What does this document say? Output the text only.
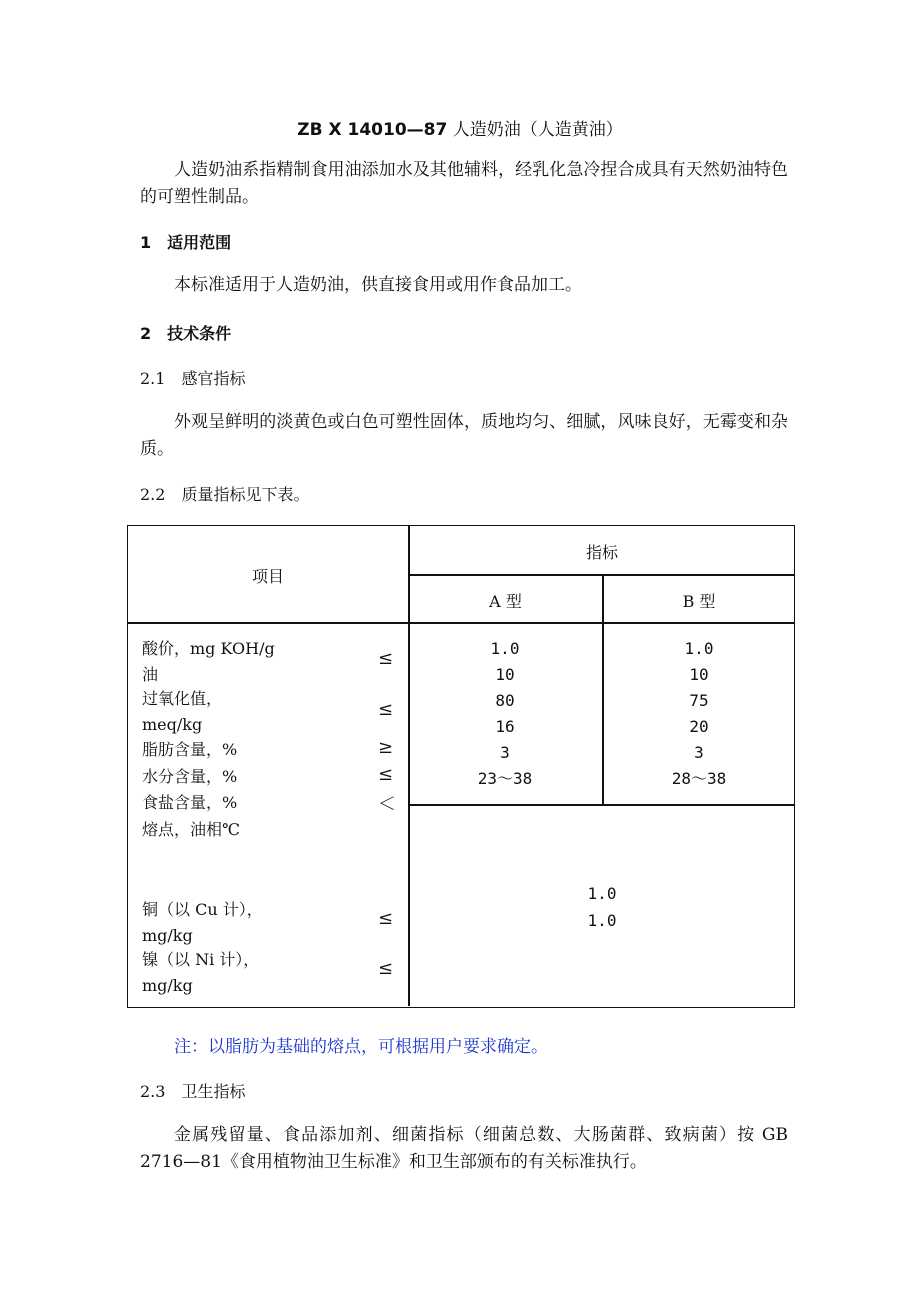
ZB X 14010—87 人造奶油（人造黄油）
人造奶油系指精制食用油添加水及其他辅料，经乳化急冷捏合成具有天然奶油特色的可塑性制品。
1　适用范围
本标准适用于人造奶油，供直接食用或用作食品加工。
2　技术条件
2.1　感官指标
外观呈鲜明的淡黄色或白色可塑性固体，质地均匀、细腻，风味良好，无霉变和杂质。
2.2　质量指标见下表。
项目
指标
A 型	B 型
酸价，mg KOH/g
油
过氧化值，
meq/kg
脂肪含量，%
水分含量，%
食盐含量，%
熔点，油相℃
≤
≤
≥
≤
＜
1.0
10
80
16
3
23～38
1.0
10
75
20
3
28～38
铜（以 Cu 计），
mg/kg
镍（以 Ni 计），
mg/kg
≤
≤
1.0
1.0
注：以脂肪为基础的熔点，可根据用户要求确定。
2.3　卫生指标
金属残留量、食品添加剂、细菌指标（细菌总数、大肠菌群、致病菌）按 GB 2716—81《食用植物油卫生标准》和卫生部颁布的有关标准执行。
